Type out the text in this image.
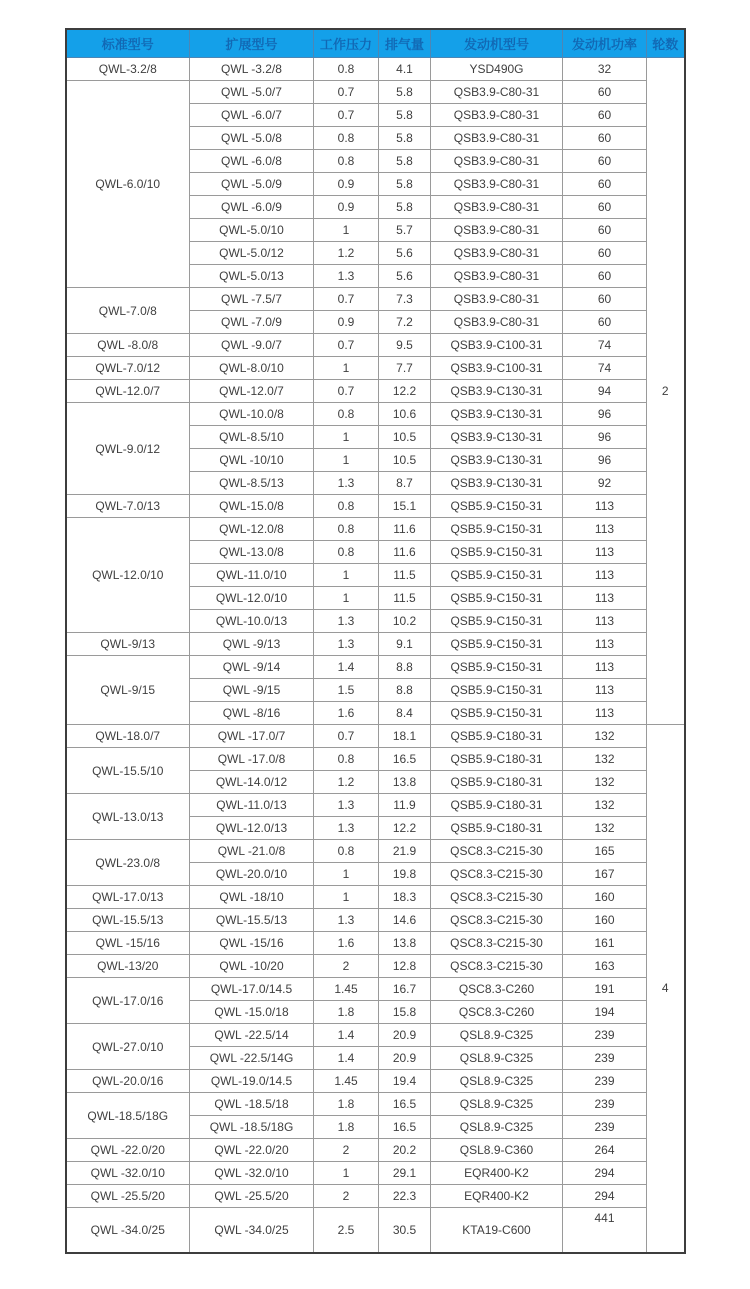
标准型号	扩展型号	工作压力	排气量	发动机型号	发动机功率	轮数
QWL-3.2/8	QWL -3.2/8	0.8	4.1	YSD490G	32	2
QWL-6.0/10	QWL -5.0/7	0.7	5.8	QSB3.9-C80-31	60	
	QWL -6.0/7	0.7	5.8	QSB3.9-C80-31	60	
	QWL -5.0/8	0.8	5.8	QSB3.9-C80-31	60	
	QWL -6.0/8	0.8	5.8	QSB3.9-C80-31	60	
	QWL -5.0/9	0.9	5.8	QSB3.9-C80-31	60	
	QWL -6.0/9	0.9	5.8	QSB3.9-C80-31	60	
	QWL-5.0/10	1	5.7	QSB3.9-C80-31	60	
	QWL-5.0/12	1.2	5.6	QSB3.9-C80-31	60	
	QWL-5.0/13	1.3	5.6	QSB3.9-C80-31	60	
QWL-7.0/8	QWL -7.5/7	0.7	7.3	QSB3.9-C80-31	60	
	QWL -7.0/9	0.9	7.2	QSB3.9-C80-31	60	
QWL -8.0/8	QWL -9.0/7	0.7	9.5	QSB3.9-C100-31	74	
QWL-7.0/12	QWL-8.0/10	1	7.7	QSB3.9-C100-31	74	
QWL-12.0/7	QWL-12.0/7	0.7	12.2	QSB3.9-C130-31	94	
QWL-9.0/12	QWL-10.0/8	0.8	10.6	QSB3.9-C130-31	96	
	QWL-8.5/10	1	10.5	QSB3.9-C130-31	96	
	QWL -10/10	1	10.5	QSB3.9-C130-31	96	
	QWL-8.5/13	1.3	8.7	QSB3.9-C130-31	92	
QWL-7.0/13	QWL-15.0/8	0.8	15.1	QSB5.9-C150-31	113	
QWL-12.0/10	QWL-12.0/8	0.8	11.6	QSB5.9-C150-31	113	
	QWL-13.0/8	0.8	11.6	QSB5.9-C150-31	113	
	QWL-11.0/10	1	11.5	QSB5.9-C150-31	113	
	QWL-12.0/10	1	11.5	QSB5.9-C150-31	113	
	QWL-10.0/13	1.3	10.2	QSB5.9-C150-31	113	
QWL-9/13	QWL -9/13	1.3	9.1	QSB5.9-C150-31	113	
QWL-9/15	QWL -9/14	1.4	8.8	QSB5.9-C150-31	113	
	QWL -9/15	1.5	8.8	QSB5.9-C150-31	113	
	QWL -8/16	1.6	8.4	QSB5.9-C150-31	113	
QWL-18.0/7	QWL -17.0/7	0.7	18.1	QSB5.9-C180-31	132	4
QWL-15.5/10	QWL -17.0/8	0.8	16.5	QSB5.9-C180-31	132	
	QWL-14.0/12	1.2	13.8	QSB5.9-C180-31	132	
QWL-13.0/13	QWL-11.0/13	1.3	11.9	QSB5.9-C180-31	132	
	QWL-12.0/13	1.3	12.2	QSB5.9-C180-31	132	
QWL-23.0/8	QWL -21.0/8	0.8	21.9	QSC8.3-C215-30	165	
	QWL-20.0/10	1	19.8	QSC8.3-C215-30	167	
QWL-17.0/13	QWL -18/10	1	18.3	QSC8.3-C215-30	160	
QWL-15.5/13	QWL-15.5/13	1.3	14.6	QSC8.3-C215-30	160	
QWL -15/16	QWL -15/16	1.6	13.8	QSC8.3-C215-30	161	
QWL-13/20	QWL -10/20	2	12.8	QSC8.3-C215-30	163	
QWL-17.0/16	QWL-17.0/14.5	1.45	16.7	QSC8.3-C260	191	
	QWL -15.0/18	1.8	15.8	QSC8.3-C260	194	
QWL-27.0/10	QWL -22.5/14	1.4	20.9	QSL8.9-C325	239	
	QWL -22.5/14G	1.4	20.9	QSL8.9-C325	239	
QWL-20.0/16	QWL-19.0/14.5	1.45	19.4	QSL8.9-C325	239	
QWL-18.5/18G	QWL -18.5/18	1.8	16.5	QSL8.9-C325	239	
	QWL -18.5/18G	1.8	16.5	QSL8.9-C325	239	
QWL -22.0/20	QWL -22.0/20	2	20.2	QSL8.9-C360	264	
QWL -32.0/10	QWL -32.0/10	1	29.1	EQR400-K2	294	
QWL -25.5/20	QWL -25.5/20	2	22.3	EQR400-K2	294	
QWL -34.0/25	QWL -34.0/25	2.5	30.5	KTA19-C600	441	
